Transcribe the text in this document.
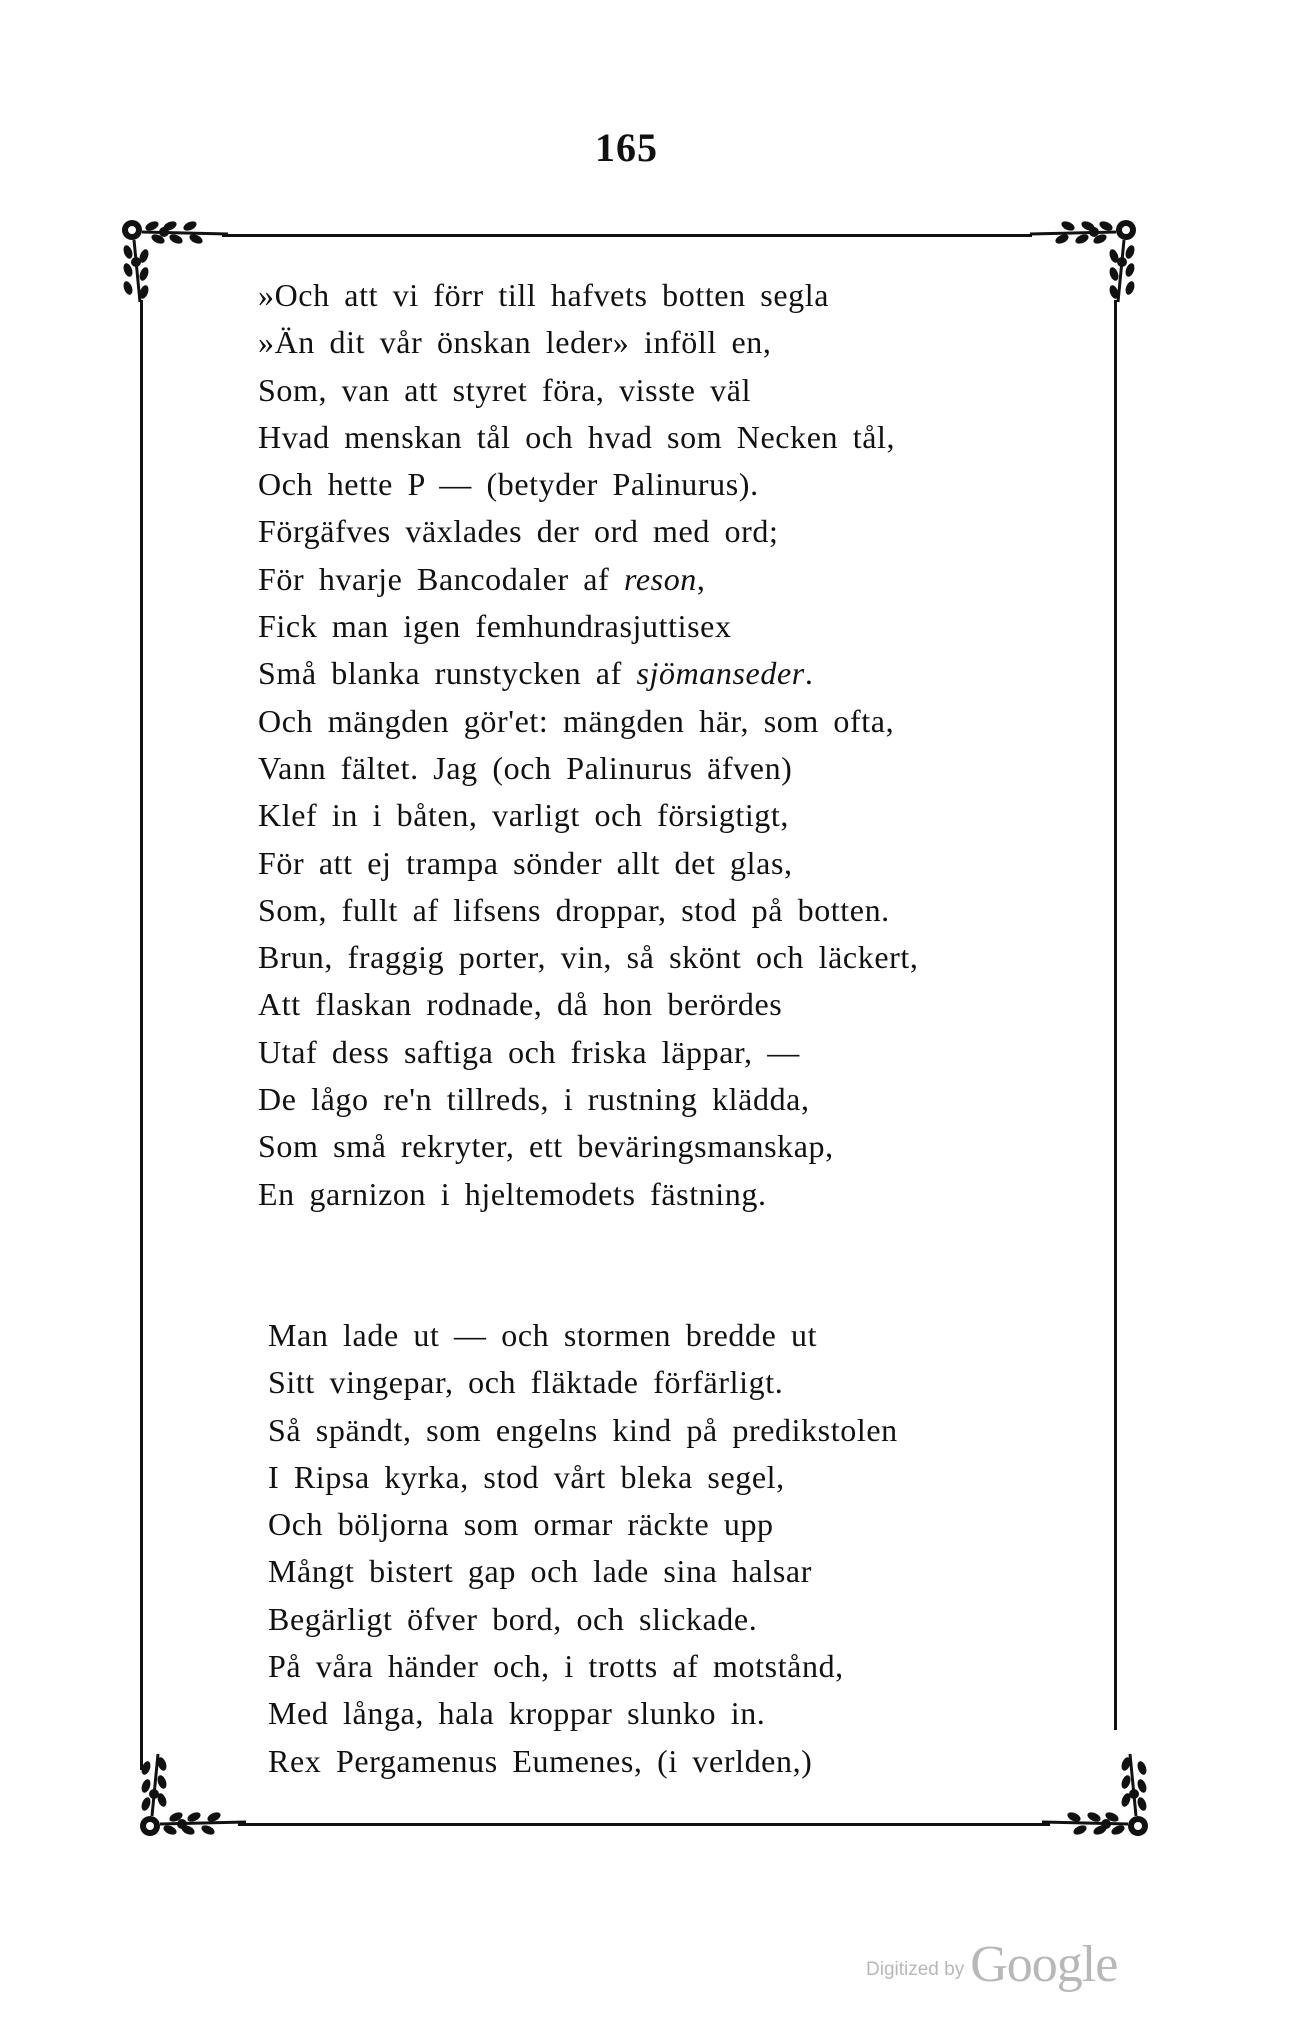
165
»Och att vi förr till hafvets botten segla
»Än dit vår önskan leder» inföll en,
Som, van att styret föra, visste väl
Hvad menskan tål och hvad som Necken tål,
Och hette P — (betyder Palinurus).
Förgäfves växlades der ord med ord;
För hvarje Bancodaler af reson,
Fick man igen femhundrasjuttisex
Små blanka runstycken af sjömanseder.
Och mängden gör'et: mängden här, som ofta,
Vann fältet. Jag (och Palinurus äfven)
Klef in i båten, varligt och försigtigt,
För att ej trampa sönder allt det glas,
Som, fullt af lifsens droppar, stod på botten.
Brun, fraggig porter, vin, så skönt och läckert,
Att flaskan rodnade, då hon berördes
Utaf dess saftiga och friska läppar, —
De lågo re'n tillreds, i rustning klädda,
Som små rekryter, ett beväringsmanskap,
En garnizon i hjeltemodets fästning.
Man lade ut — och stormen bredde ut
Sitt vingepar, och fläktade förfärligt.
Så spändt, som engelns kind på predikstolen
I Ripsa kyrka, stod vårt bleka segel,
Och böljorna som ormar räckte upp
Mångt bistert gap och lade sina halsar
Begärligt öfver bord, och slickade.
På våra händer och, i trotts af motstånd,
Med långa, hala kroppar slunko in.
Rex Pergamenus Eumenes, (i verlden,)
Digitized by Google
